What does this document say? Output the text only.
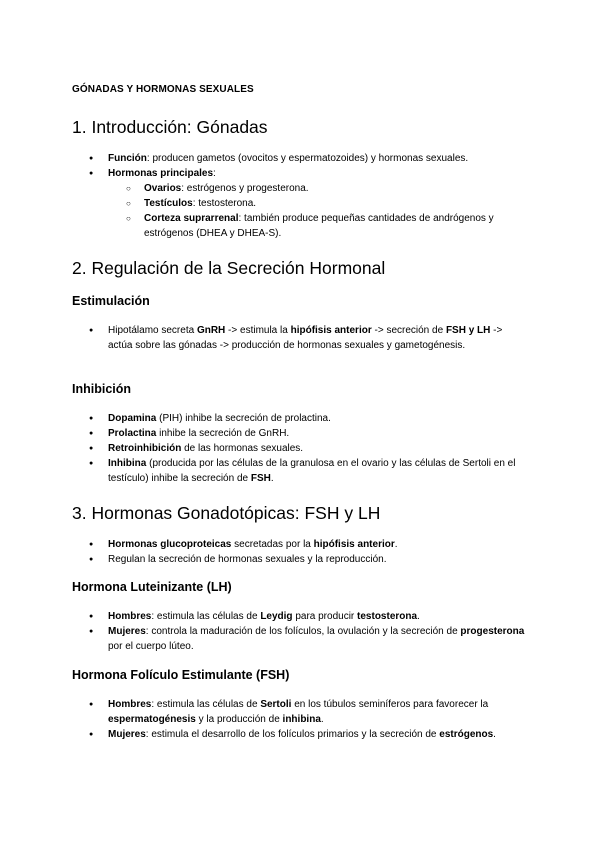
GÓNADAS Y HORMONAS SEXUALES
1. Introducción: Gónadas
● Función: producen gametos (ovocitos y espermatozoides) y hormonas sexuales.
● Hormonas principales:
○ Ovarios: estrógenos y progesterona.
○ Testículos: testosterona.
○ Corteza suprarrenal: también produce pequeñas cantidades de andrógenos y estrógenos (DHEA y DHEA-S).
2. Regulación de la Secreción Hormonal
Estimulación
● Hipotálamo secreta GnRH -> estimula la hipófisis anterior -> secreción de FSH y LH -> actúa sobre las gónadas -> producción de hormonas sexuales y gametogénesis.
Inhibición
● Dopamina (PIH) inhibe la secreción de prolactina.
● Prolactina inhibe la secreción de GnRH.
● Retroinhibición de las hormonas sexuales.
● Inhibina (producida por las células de la granulosa en el ovario y las células de Sertoli en el testículo) inhibe la secreción de FSH.
3. Hormonas Gonadotópicas: FSH y LH
● Hormonas glucoproteicas secretadas por la hipófisis anterior.
● Regulan la secreción de hormonas sexuales y la reproducción.
Hormona Luteinizante (LH)
● Hombres: estimula las células de Leydig para producir testosterona.
● Mujeres: controla la maduración de los folículos, la ovulación y la secreción de progesterona por el cuerpo lúteo.
Hormona Folículo Estimulante (FSH)
● Hombres: estimula las células de Sertoli en los túbulos seminíferos para favorecer la espermatogénesis y la producción de inhibina.
● Mujeres: estimula el desarrollo de los folículos primarios y la secreción de estrógenos.
